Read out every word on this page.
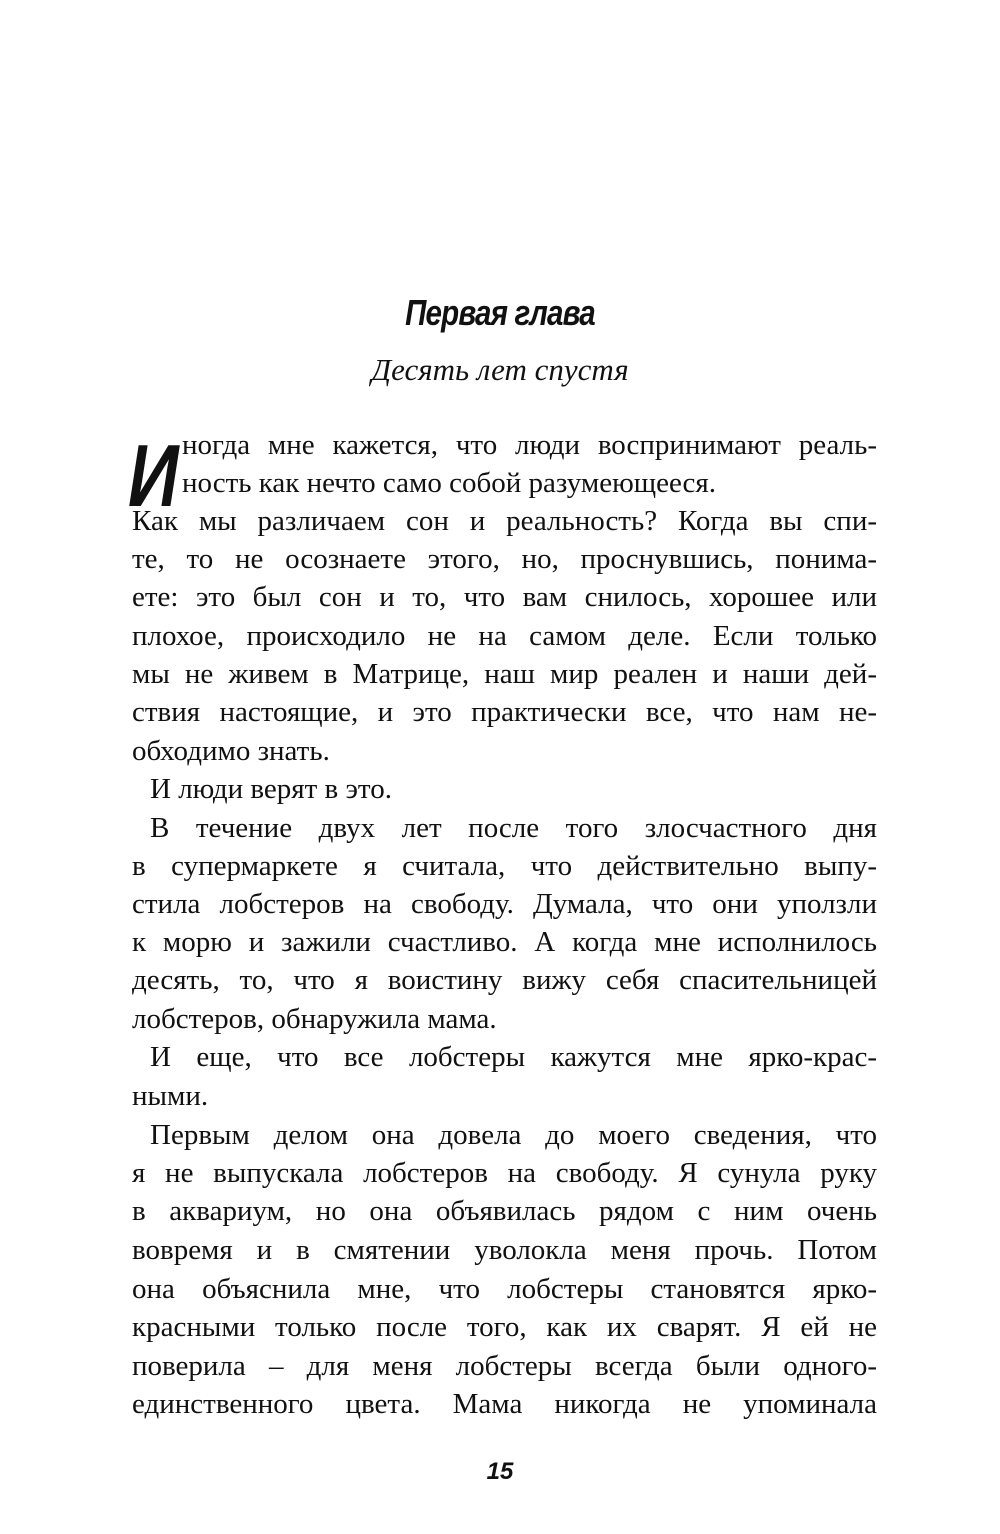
Первая глава
Десять лет спустя
И ногда мне кажется, что люди воспринимают реаль-
ность как нечто само собой разумеющееся.
Как мы различаем сон и реальность? Когда вы спи-
те, то не осознаете этого, но, проснувшись, понима-
ете: это был сон и то, что вам снилось, хорошее или
плохое, происходило не на самом деле. Если только
мы не живем в Матрице, наш мир реален и наши дей-
ствия настоящие, и это практически все, что нам не-
обходимо знать.
И люди верят в это.
В течение двух лет после того злосчастного дня
в супермаркете я считала, что действительно выпу-
стила лобстеров на свободу. Думала, что они уползли
к морю и зажили счастливо. А когда мне исполнилось
десять, то, что я воистину вижу себя спасительницей
лобстеров, обнаружила мама.
И еще, что все лобстеры кажутся мне ярко-крас-
ными.
Первым делом она довела до моего сведения, что
я не выпускала лобстеров на свободу. Я сунула руку
в аквариум, но она объявилась рядом с ним очень
вовремя и в смятении уволокла меня прочь. Потом
она объяснила мне, что лобстеры становятся ярко-
красными только после того, как их сварят. Я ей не
поверила – для меня лобстеры всегда были одного-
единственного цвета. Мама никогда не упоминала
15
